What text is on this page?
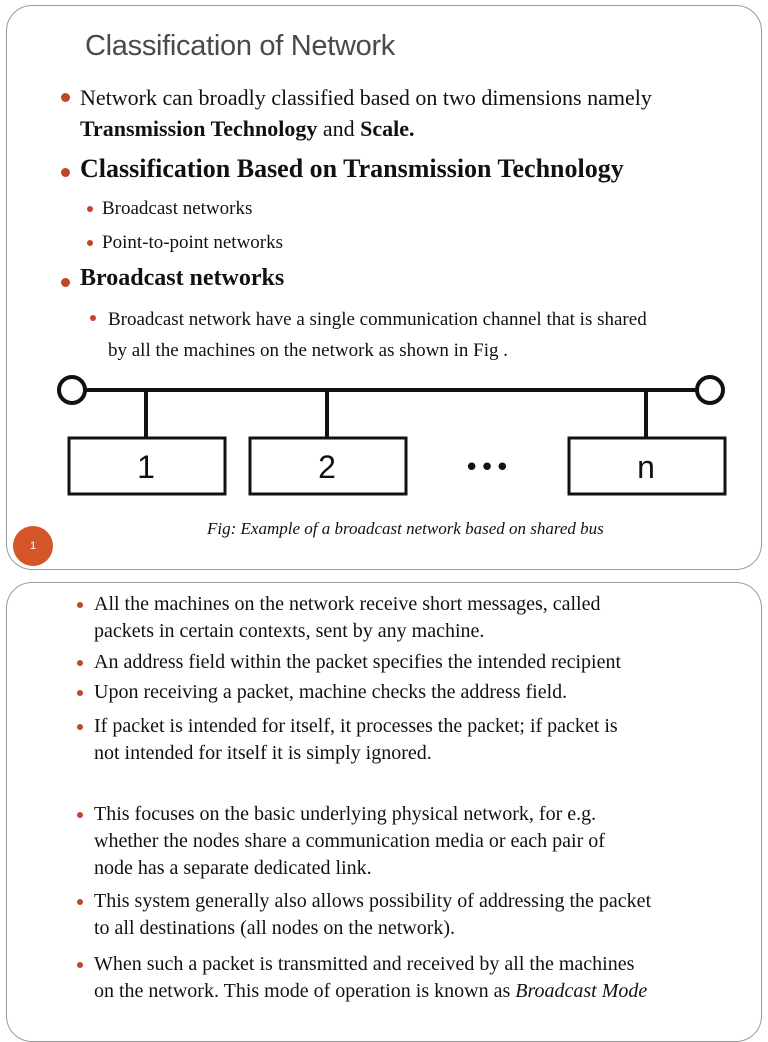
Classification of Network

Network can broadly classified based on two dimensions namely
Transmission Technology and Scale.

Classification Based on Transmission Technology

Broadcast networks

Point-to-point networks

Broadcast networks

Broadcast network have a single communication channel that is shared
by all the machines on the network as shown in Fig .

1	2	n
•••

Fig: Example of a broadcast network based on shared bus

1

All the machines on the network receive short messages, called
packets in certain contexts, sent by any machine.

An address field within the packet specifies the intended recipient

Upon receiving a packet, machine checks the address field.

If packet is intended for itself, it processes the packet; if packet is
not intended for itself it is simply ignored.

This focuses on the basic underlying physical network, for e.g.
whether the nodes share a communication media or each pair of
node has a separate dedicated link.

This system generally also allows possibility of addressing the packet
to all destinations (all nodes on the network).

When such a packet is transmitted and received by all the machines
on the network. This mode of operation is known as Broadcast Mode
